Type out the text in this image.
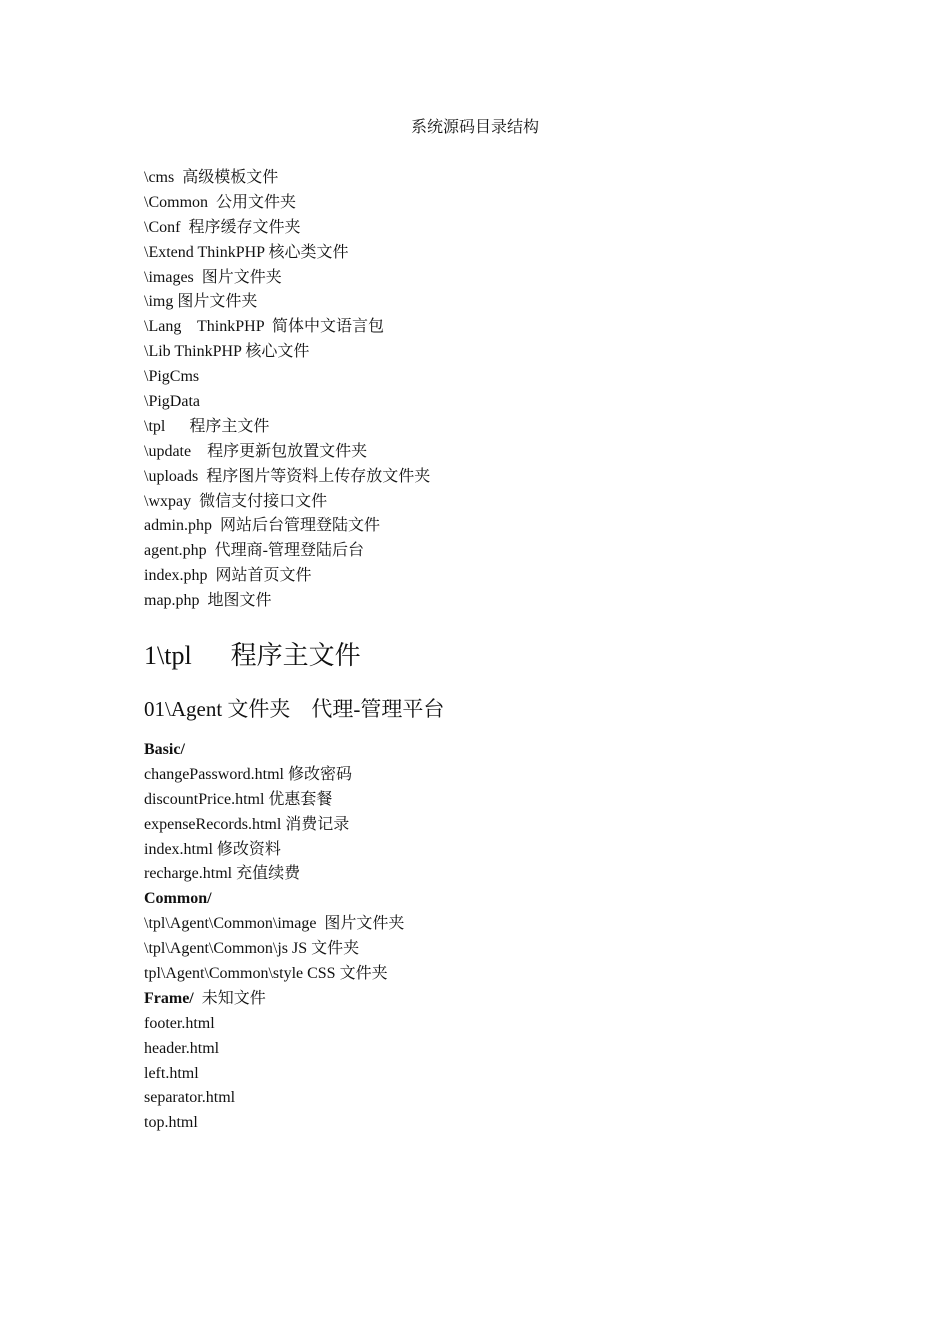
系统源码目录结构
\cms  高级模板文件
\Common  公用文件夹
\Conf  程序缓存文件夹
\Extend ThinkPHP 核心类文件
\images  图片文件夹
\img 图片文件夹
\Lang    ThinkPHP  简体中文语言包
\Lib ThinkPHP 核心文件
\PigCms
\PigData
\tpl      程序主文件
\update    程序更新包放置文件夹
\uploads  程序图片等资料上传存放文件夹
\wxpay  微信支付接口文件
admin.php  网站后台管理登陆文件
agent.php  代理商-管理登陆后台
index.php  网站首页文件
map.php  地图文件
1\tpl      程序主文件
01\Agent 文件夹    代理-管理平台
Basic/
changePassword.html 修改密码
discountPrice.html 优惠套餐
expenseRecords.html 消费记录
index.html 修改资料
recharge.html 充值续费
Common/
\tpl\Agent\Common\image  图片文件夹
\tpl\Agent\Common\js JS 文件夹
tpl\Agent\Common\style CSS 文件夹
Frame/  未知文件
footer.html
header.html
left.html
separator.html
top.html
